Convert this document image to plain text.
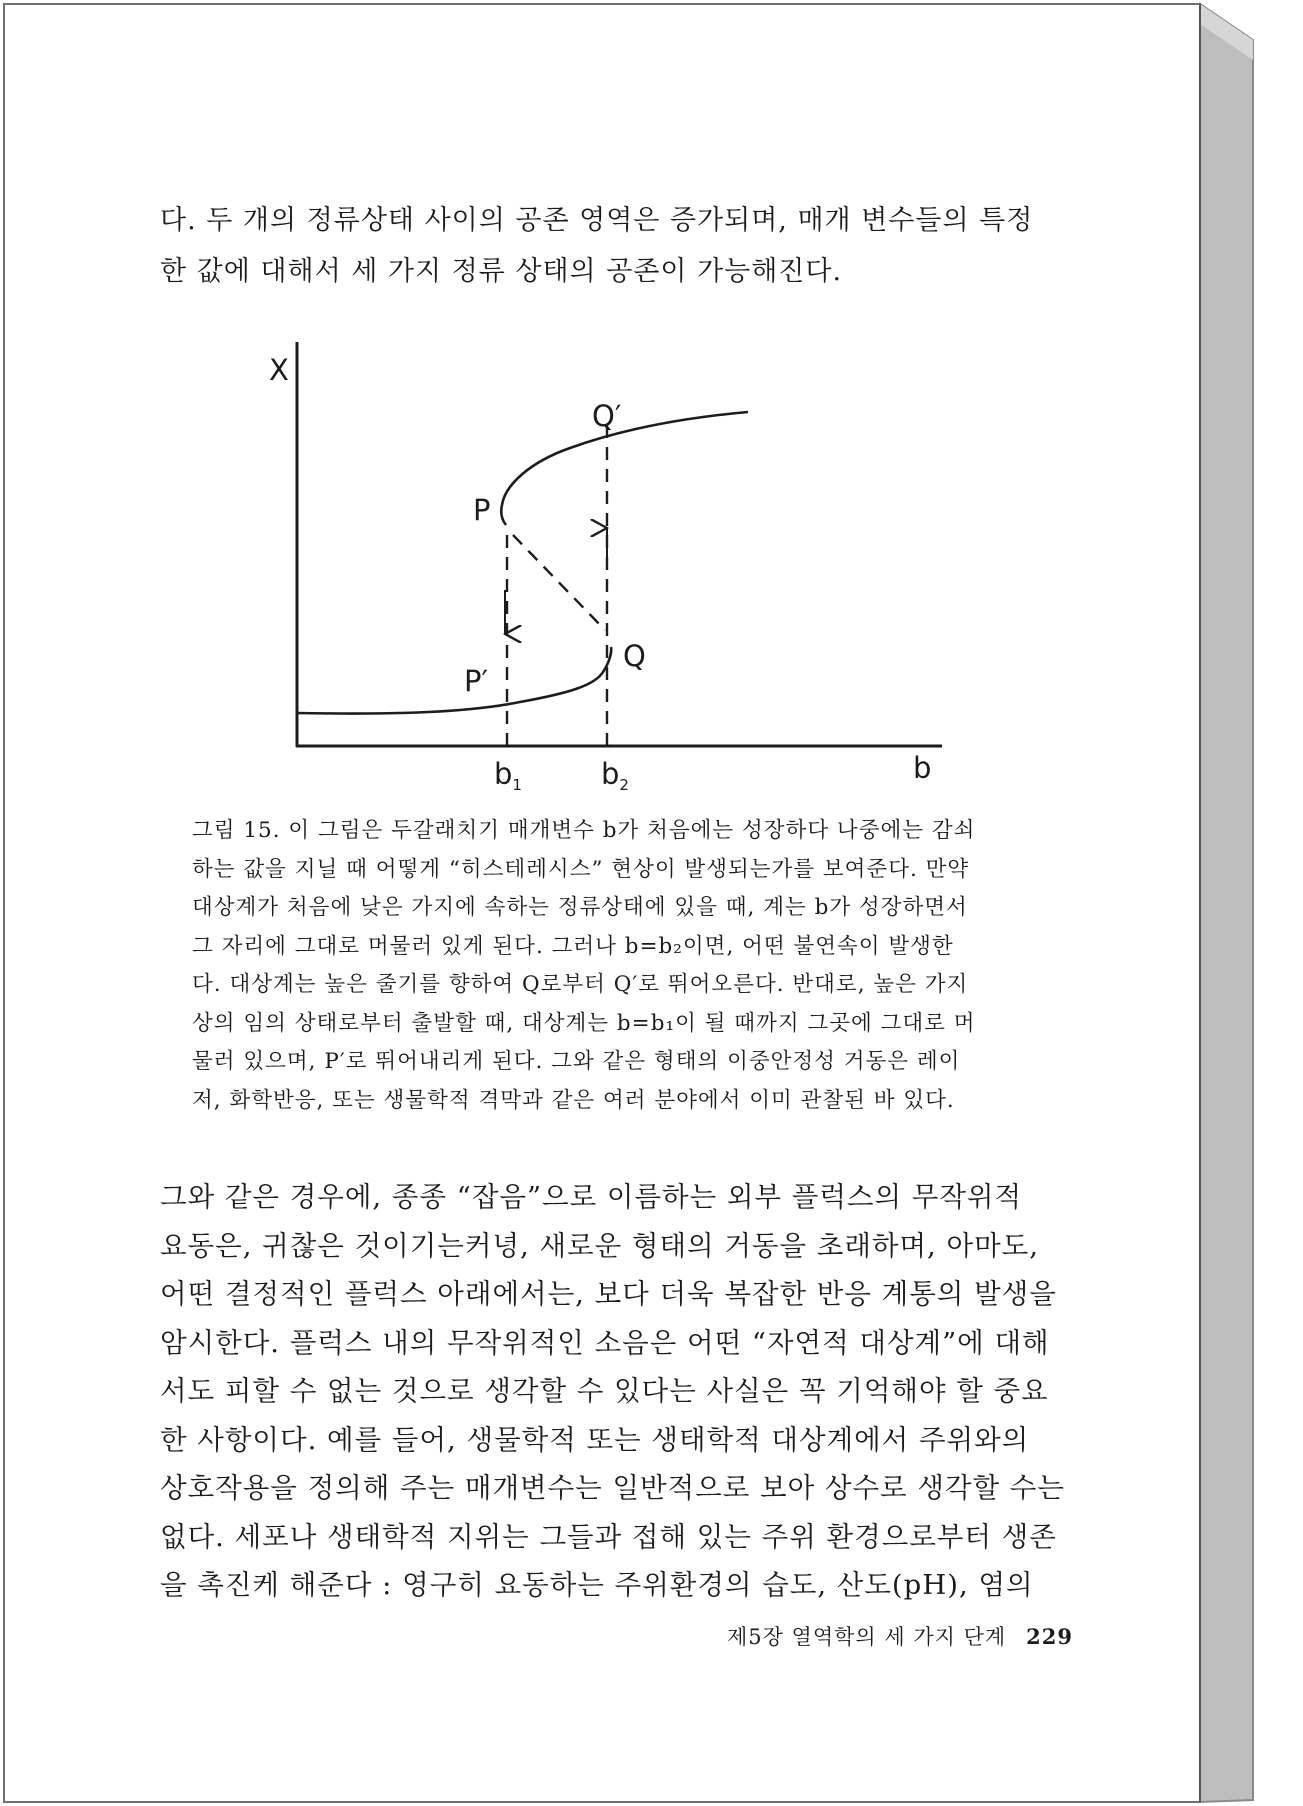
다. 두 개의 정류상태 사이의 공존 영역은 증가되며, 매개 변수들의 특정
한 값에 대해서 세 가지 정류 상태의 공존이 가능해진다.
X
b
Q′
P
Q
P′
$b_1$	$b_2$
그림 15. 이 그림은 두갈래치기 매개변수 b가 처음에는 성장하다 나중에는 감쇠
하는 값을 지닐 때 어떻게 “히스테레시스” 현상이 발생되는가를 보여준다. 만약
대상계가 처음에 낮은 가지에 속하는 정류상태에 있을 때, 계는 b가 성장하면서
그 자리에 그대로 머물러 있게 된다. 그러나 b=b₂이면, 어떤 불연속이 발생한
다. 대상계는 높은 줄기를 향하여 Q로부터 Q′로 뛰어오른다. 반대로, 높은 가지
상의 임의 상태로부터 출발할 때, 대상계는 b=b₁이 될 때까지 그곳에 그대로 머
물러 있으며, P′로 뛰어내리게 된다. 그와 같은 형태의 이중안정성 거동은 레이
저, 화학반응, 또는 생물학적 격막과 같은 여러 분야에서 이미 관찰된 바 있다.
그와 같은 경우에, 종종 “잡음”으로 이름하는 외부 플럭스의 무작위적
요동은, 귀찮은 것이기는커녕, 새로운 형태의 거동을 초래하며, 아마도,
어떤 결정적인 플럭스 아래에서는, 보다 더욱 복잡한 반응 계통의 발생을
암시한다. 플럭스 내의 무작위적인 소음은 어떤 “자연적 대상계”에 대해
서도 피할 수 없는 것으로 생각할 수 있다는 사실은 꼭 기억해야 할 중요
한 사항이다. 예를 들어, 생물학적 또는 생태학적 대상계에서 주위와의
상호작용을 정의해 주는 매개변수는 일반적으로 보아 상수로 생각할 수는
없다. 세포나 생태학적 지위는 그들과 접해 있는 주위 환경으로부터 생존
을 촉진케 해준다 : 영구히 요동하는 주위환경의 습도, 산도(pH), 염의
제5장 열역학의 세 가지 단계 229
